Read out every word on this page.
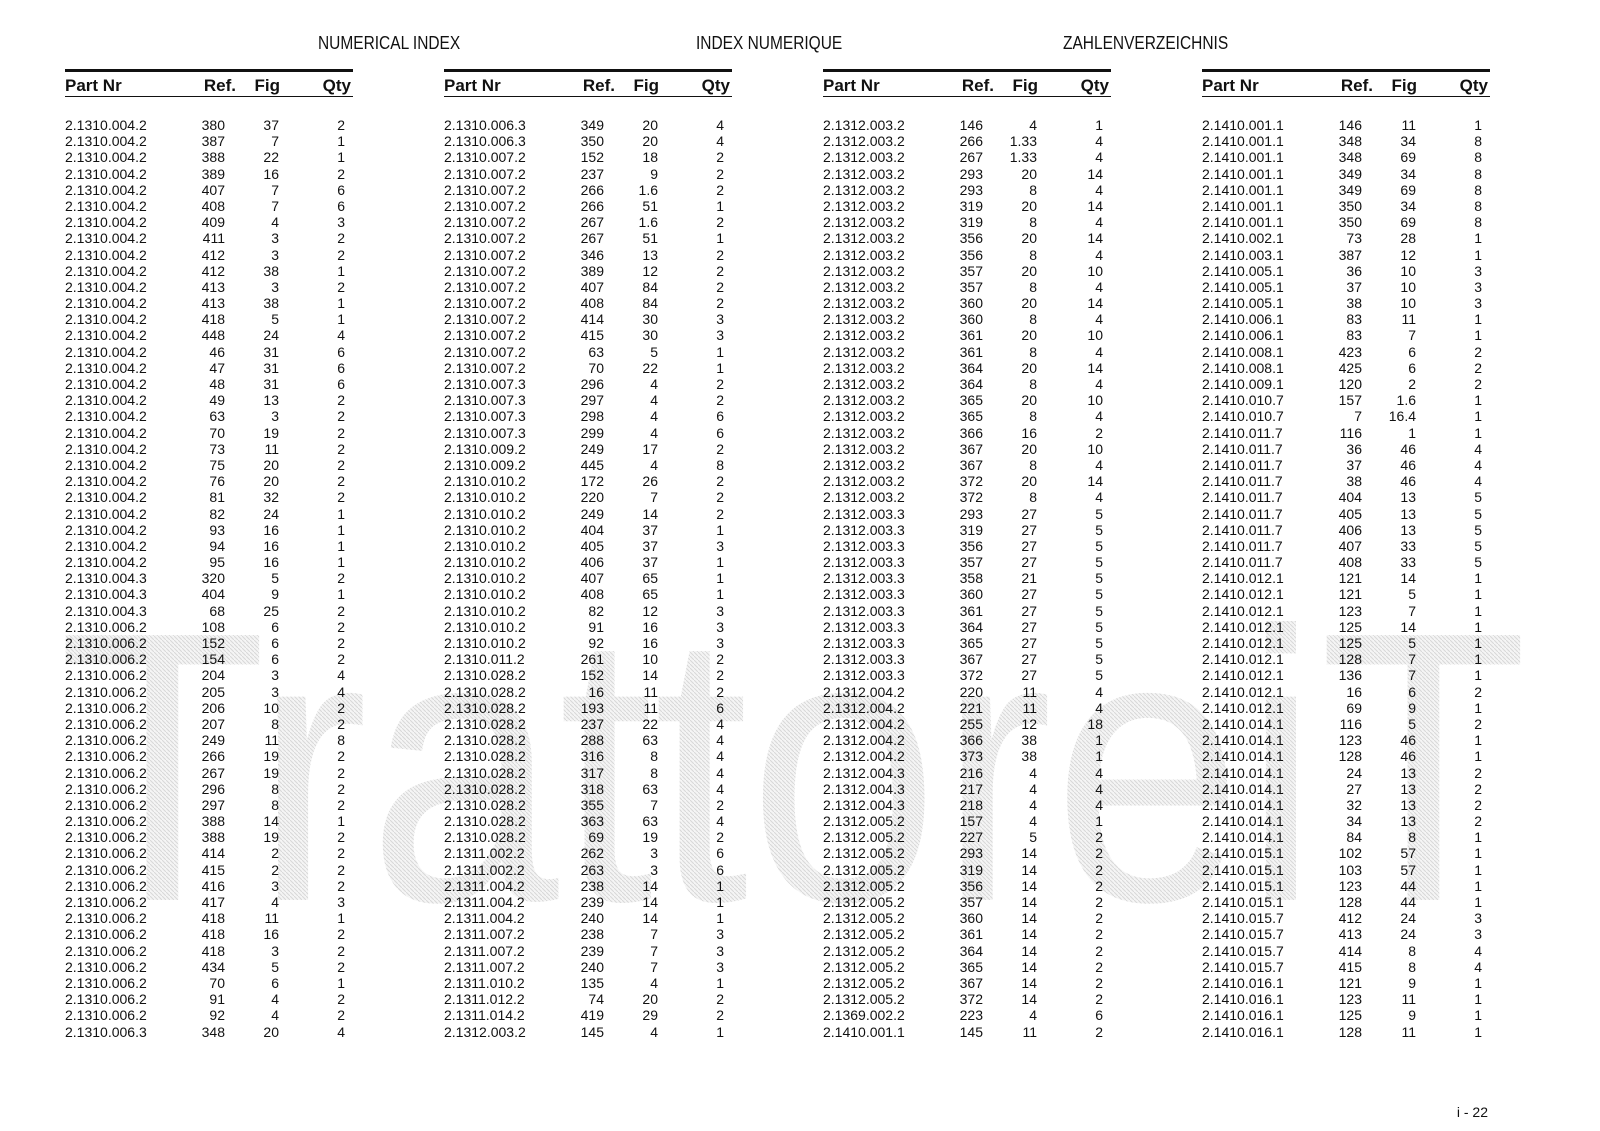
NUMERICAL INDEX	INDEX NUMERIQUE	ZAHLENVERZEICHNIS
TrattoreiT
Part Nr	Ref. Fig	Qty
2.1310.004.2	380	37	2
2.1310.004.2	387	7	1
2.1310.004.2	388	22	1
2.1310.004.2	389	16	2
2.1310.004.2	407	7	6
2.1310.004.2	408	7	6
2.1310.004.2	409	4	3
2.1310.004.2	411	3	2
2.1310.004.2	412	3	2
2.1310.004.2	412	38	1
2.1310.004.2	413	3	2
2.1310.004.2	413	38	1
2.1310.004.2	418	5	1
2.1310.004.2	448	24	4
2.1310.004.2	46	31	6
2.1310.004.2	47	31	6
2.1310.004.2	48	31	6
2.1310.004.2	49	13	2
2.1310.004.2	63	3	2
2.1310.004.2	70	19	2
2.1310.004.2	73	11	2
2.1310.004.2	75	20	2
2.1310.004.2	76	20	2
2.1310.004.2	81	32	2
2.1310.004.2	82	24	1
2.1310.004.2	93	16	1
2.1310.004.2	94	16	1
2.1310.004.2	95	16	1
2.1310.004.3	320	5	2
2.1310.004.3	404	9	1
2.1310.004.3	68	25	2
2.1310.006.2	108	6	2
2.1310.006.2	152	6	2
2.1310.006.2	154	6	2
2.1310.006.2	204	3	4
2.1310.006.2	205	3	4
2.1310.006.2	206	10	2
2.1310.006.2	207	8	2
2.1310.006.2	249	11	8
2.1310.006.2	266	19	2
2.1310.006.2	267	19	2
2.1310.006.2	296	8	2
2.1310.006.2	297	8	2
2.1310.006.2	388	14	1
2.1310.006.2	388	19	2
2.1310.006.2	414	2	2
2.1310.006.2	415	2	2
2.1310.006.2	416	3	2
2.1310.006.2	417	4	3
2.1310.006.2	418	11	1
2.1310.006.2	418	16	2
2.1310.006.2	418	3	2
2.1310.006.2	434	5	2
2.1310.006.2	70	6	1
2.1310.006.2	91	4	2
2.1310.006.2	92	4	2
2.1310.006.3	348	20	4
Part Nr	Ref. Fig	Qty
2.1310.006.3	349	20	4
2.1310.006.3	350	20	4
2.1310.007.2	152	18	2
2.1310.007.2	237	9	2
2.1310.007.2	266 1.6	2
2.1310.007.2	266	51	1
2.1310.007.2	267 1.6	2
2.1310.007.2	267	51	1
2.1310.007.2	346	13	2
2.1310.007.2	389	12	2
2.1310.007.2	407	84	2
2.1310.007.2	408	84	2
2.1310.007.2	414	30	3
2.1310.007.2	415	30	3
2.1310.007.2	63	5	1
2.1310.007.2	70	22	1
2.1310.007.3	296	4	2
2.1310.007.3	297	4	2
2.1310.007.3	298	4	6
2.1310.007.3	299	4	6
2.1310.009.2	249	17	2
2.1310.009.2	445	4	8
2.1310.010.2	172	26	2
2.1310.010.2	220	7	2
2.1310.010.2	249	14	2
2.1310.010.2	404	37	1
2.1310.010.2	405	37	3
2.1310.010.2	406	37	1
2.1310.010.2	407	65	1
2.1310.010.2	408	65	1
2.1310.010.2	82	12	3
2.1310.010.2	91	16	3
2.1310.010.2	92	16	3
2.1310.011.2	261	10	2
2.1310.028.2	152	14	2
2.1310.028.2	16	11	2
2.1310.028.2	193	11	6
2.1310.028.2	237	22	4
2.1310.028.2	288	63	4
2.1310.028.2	316	8	4
2.1310.028.2	317	8	4
2.1310.028.2	318	63	4
2.1310.028.2	355	7	2
2.1310.028.2	363	63	4
2.1310.028.2	69	19	2
2.1311.002.2	262	3	6
2.1311.002.2	263	3	6
2.1311.004.2	238	14	1
2.1311.004.2	239	14	1
2.1311.004.2	240	14	1
2.1311.007.2	238	7	3
2.1311.007.2	239	7	3
2.1311.007.2	240	7	3
2.1311.010.2	135	4	1
2.1311.012.2	74	20	2
2.1311.014.2	419	29	2
2.1312.003.2	145	4	1
Part Nr	Ref. Fig	Qty
2.1312.003.2	146	4	1
2.1312.003.2	266 1.33	4
2.1312.003.2	267 1.33	4
2.1312.003.2	293	20	14
2.1312.003.2	293	8	4
2.1312.003.2	319	20	14
2.1312.003.2	319	8	4
2.1312.003.2	356	20	14
2.1312.003.2	356	8	4
2.1312.003.2	357	20	10
2.1312.003.2	357	8	4
2.1312.003.2	360	20	14
2.1312.003.2	360	8	4
2.1312.003.2	361	20	10
2.1312.003.2	361	8	4
2.1312.003.2	364	20	14
2.1312.003.2	364	8	4
2.1312.003.2	365	20	10
2.1312.003.2	365	8	4
2.1312.003.2	366	16	2
2.1312.003.2	367	20	10
2.1312.003.2	367	8	4
2.1312.003.2	372	20	14
2.1312.003.2	372	8	4
2.1312.003.3	293	27	5
2.1312.003.3	319	27	5
2.1312.003.3	356	27	5
2.1312.003.3	357	27	5
2.1312.003.3	358	21	5
2.1312.003.3	360	27	5
2.1312.003.3	361	27	5
2.1312.003.3	364	27	5
2.1312.003.3	365	27	5
2.1312.003.3	367	27	5
2.1312.003.3	372	27	5
2.1312.004.2	220	11	4
2.1312.004.2	221	11	4
2.1312.004.2	255	12	18
2.1312.004.2	366	38	1
2.1312.004.2	373	38	1
2.1312.004.3	216	4	4
2.1312.004.3	217	4	4
2.1312.004.3	218	4	4
2.1312.005.2	157	4	1
2.1312.005.2	227	5	2
2.1312.005.2	293	14	2
2.1312.005.2	319	14	2
2.1312.005.2	356	14	2
2.1312.005.2	357	14	2
2.1312.005.2	360	14	2
2.1312.005.2	361	14	2
2.1312.005.2	364	14	2
2.1312.005.2	365	14	2
2.1312.005.2	367	14	2
2.1312.005.2	372	14	2
2.1369.002.2	223	4	6
2.1410.001.1	145	11	2
Part Nr	Ref. Fig	Qty
2.1410.001.1	146	11	1
2.1410.001.1	348	34	8
2.1410.001.1	348	69	8
2.1410.001.1	349	34	8
2.1410.001.1	349	69	8
2.1410.001.1	350	34	8
2.1410.001.1	350	69	8
2.1410.002.1	73	28	1
2.1410.003.1	387	12	1
2.1410.005.1	36	10	3
2.1410.005.1	37	10	3
2.1410.005.1	38	10	3
2.1410.006.1	83	11	1
2.1410.006.1	83	7	1
2.1410.008.1	423	6	2
2.1410.008.1	425	6	2
2.1410.009.1	120	2	2
2.1410.010.7	157 1.6	1
2.1410.010.7	7 16.4	1
2.1410.011.7	116	1	1
2.1410.011.7	36	46	4
2.1410.011.7	37	46	4
2.1410.011.7	38	46	4
2.1410.011.7	404	13	5
2.1410.011.7	405	13	5
2.1410.011.7	406	13	5
2.1410.011.7	407	33	5
2.1410.011.7	408	33	5
2.1410.012.1	121	14	1
2.1410.012.1	121	5	1
2.1410.012.1	123	7	1
2.1410.012.1	125	14	1
2.1410.012.1	125	5	1
2.1410.012.1	128	7	1
2.1410.012.1	136	7	1
2.1410.012.1	16	6	2
2.1410.012.1	69	9	1
2.1410.014.1	116	5	2
2.1410.014.1	123	46	1
2.1410.014.1	128	46	1
2.1410.014.1	24	13	2
2.1410.014.1	27	13	2
2.1410.014.1	32	13	2
2.1410.014.1	34	13	2
2.1410.014.1	84	8	1
2.1410.015.1	102	57	1
2.1410.015.1	103	57	1
2.1410.015.1	123	44	1
2.1410.015.1	128	44	1
2.1410.015.7	412	24	3
2.1410.015.7	413	24	3
2.1410.015.7	414	8	4
2.1410.015.7	415	8	4
2.1410.016.1	121	9	1
2.1410.016.1	123	11	1
2.1410.016.1	125	9	1
2.1410.016.1	128	11	1
i - 22
